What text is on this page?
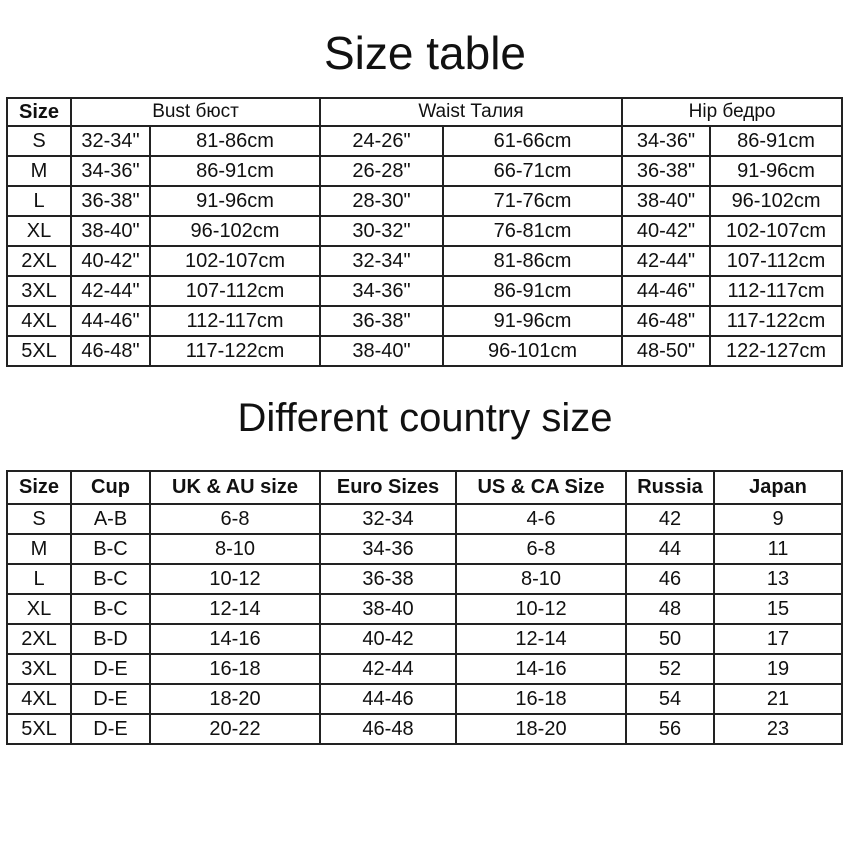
Size table
Size	Bust бюст		Waist Талия		Hip бедро	
S	32-34"	81-86cm	24-26"	61-66cm	34-36"	86-91cm
M	34-36"	86-91cm	26-28"	66-71cm	36-38"	91-96cm
L	36-38"	91-96cm	28-30"	71-76cm	38-40"	96-102cm
XL	38-40"	96-102cm	30-32"	76-81cm	40-42"	102-107cm
2XL	40-42"	102-107cm	32-34"	81-86cm	42-44"	107-112cm
3XL	42-44"	107-112cm	34-36"	86-91cm	44-46"	112-117cm
4XL	44-46"	112-117cm	36-38"	91-96cm	46-48"	117-122cm
5XL	46-48"	117-122cm	38-40"	96-101cm	48-50"	122-127cm
Different country size
Size	Cup	UK & AU size	Euro Sizes	US & CA Size	Russia	Japan
S	A-B	6-8	32-34	4-6	42	9
M	B-C	8-10	34-36	6-8	44	11
L	B-C	10-12	36-38	8-10	46	13
XL	B-C	12-14	38-40	10-12	48	15
2XL	B-D	14-16	40-42	12-14	50	17
3XL	D-E	16-18	42-44	14-16	52	19
4XL	D-E	18-20	44-46	16-18	54	21
5XL	D-E	20-22	46-48	18-20	56	23
